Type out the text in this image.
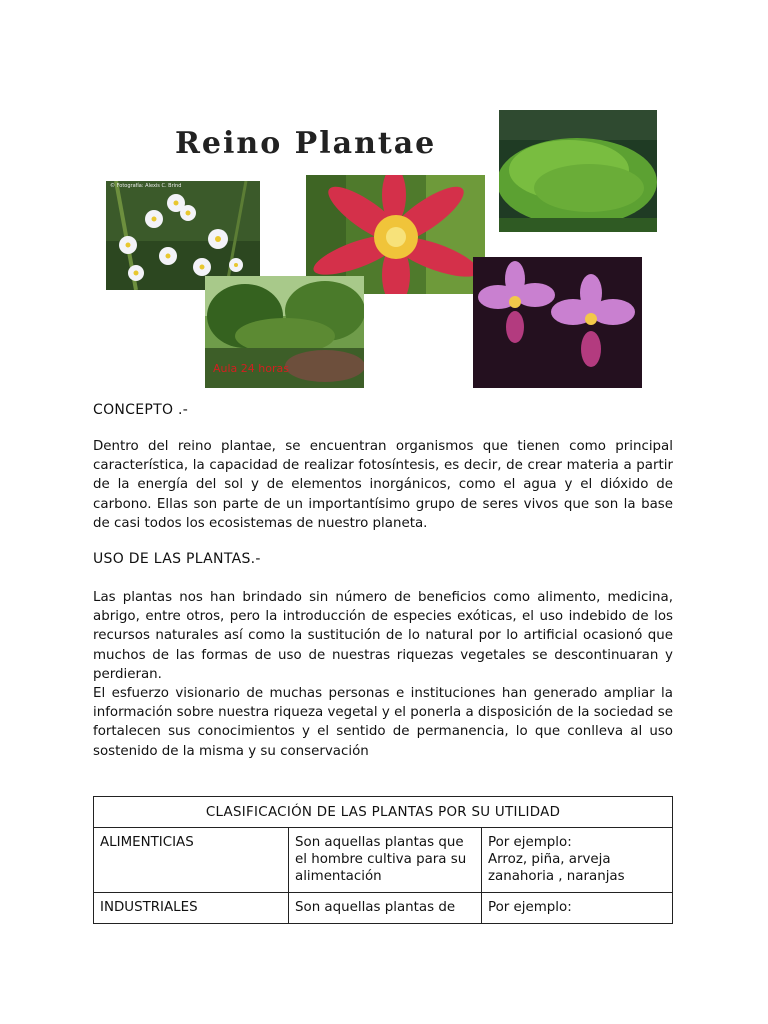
Reino Plantae
© Fotografía: Alexis C. Brind
Aula 24 horas
CONCEPTO .-

Dentro del reino plantae, se encuentran organismos que tienen como principal característica, la capacidad de realizar fotosíntesis, es decir, de crear materia a partir de la energía del sol y de elementos inorgánicos, como el agua y el dióxido de carbono. Ellas son parte de un importantísimo grupo de seres vivos que son la base de casi todos los ecosistemas de nuestro planeta.

USO DE LAS PLANTAS.-

Las plantas nos han brindado sin número de beneficios como alimento, medicina, abrigo, entre otros, pero la introducción de especies exóticas, el uso indebido de los recursos naturales así como la sustitución de lo natural por lo artificial ocasionó que muchos de las formas de uso de nuestras riquezas vegetales se descontinuaran y perdieran.

El esfuerzo visionario de muchas personas e instituciones han generado ampliar la información sobre nuestra riqueza vegetal y el ponerla a disposición de la sociedad se fortalecen sus conocimientos y el sentido de permanencia, lo que conlleva al uso sostenido de la misma y su conservación

CLASIFICACIÓN DE LAS PLANTAS POR SU UTILIDAD		
ALIMENTICIAS	Son aquellas plantas que el hombre cultiva para su alimentación	Por ejemplo:
Arroz, piña, arveja zanahoria , naranjas

INDUSTRIALES	Son aquellas plantas de	Por ejemplo:
